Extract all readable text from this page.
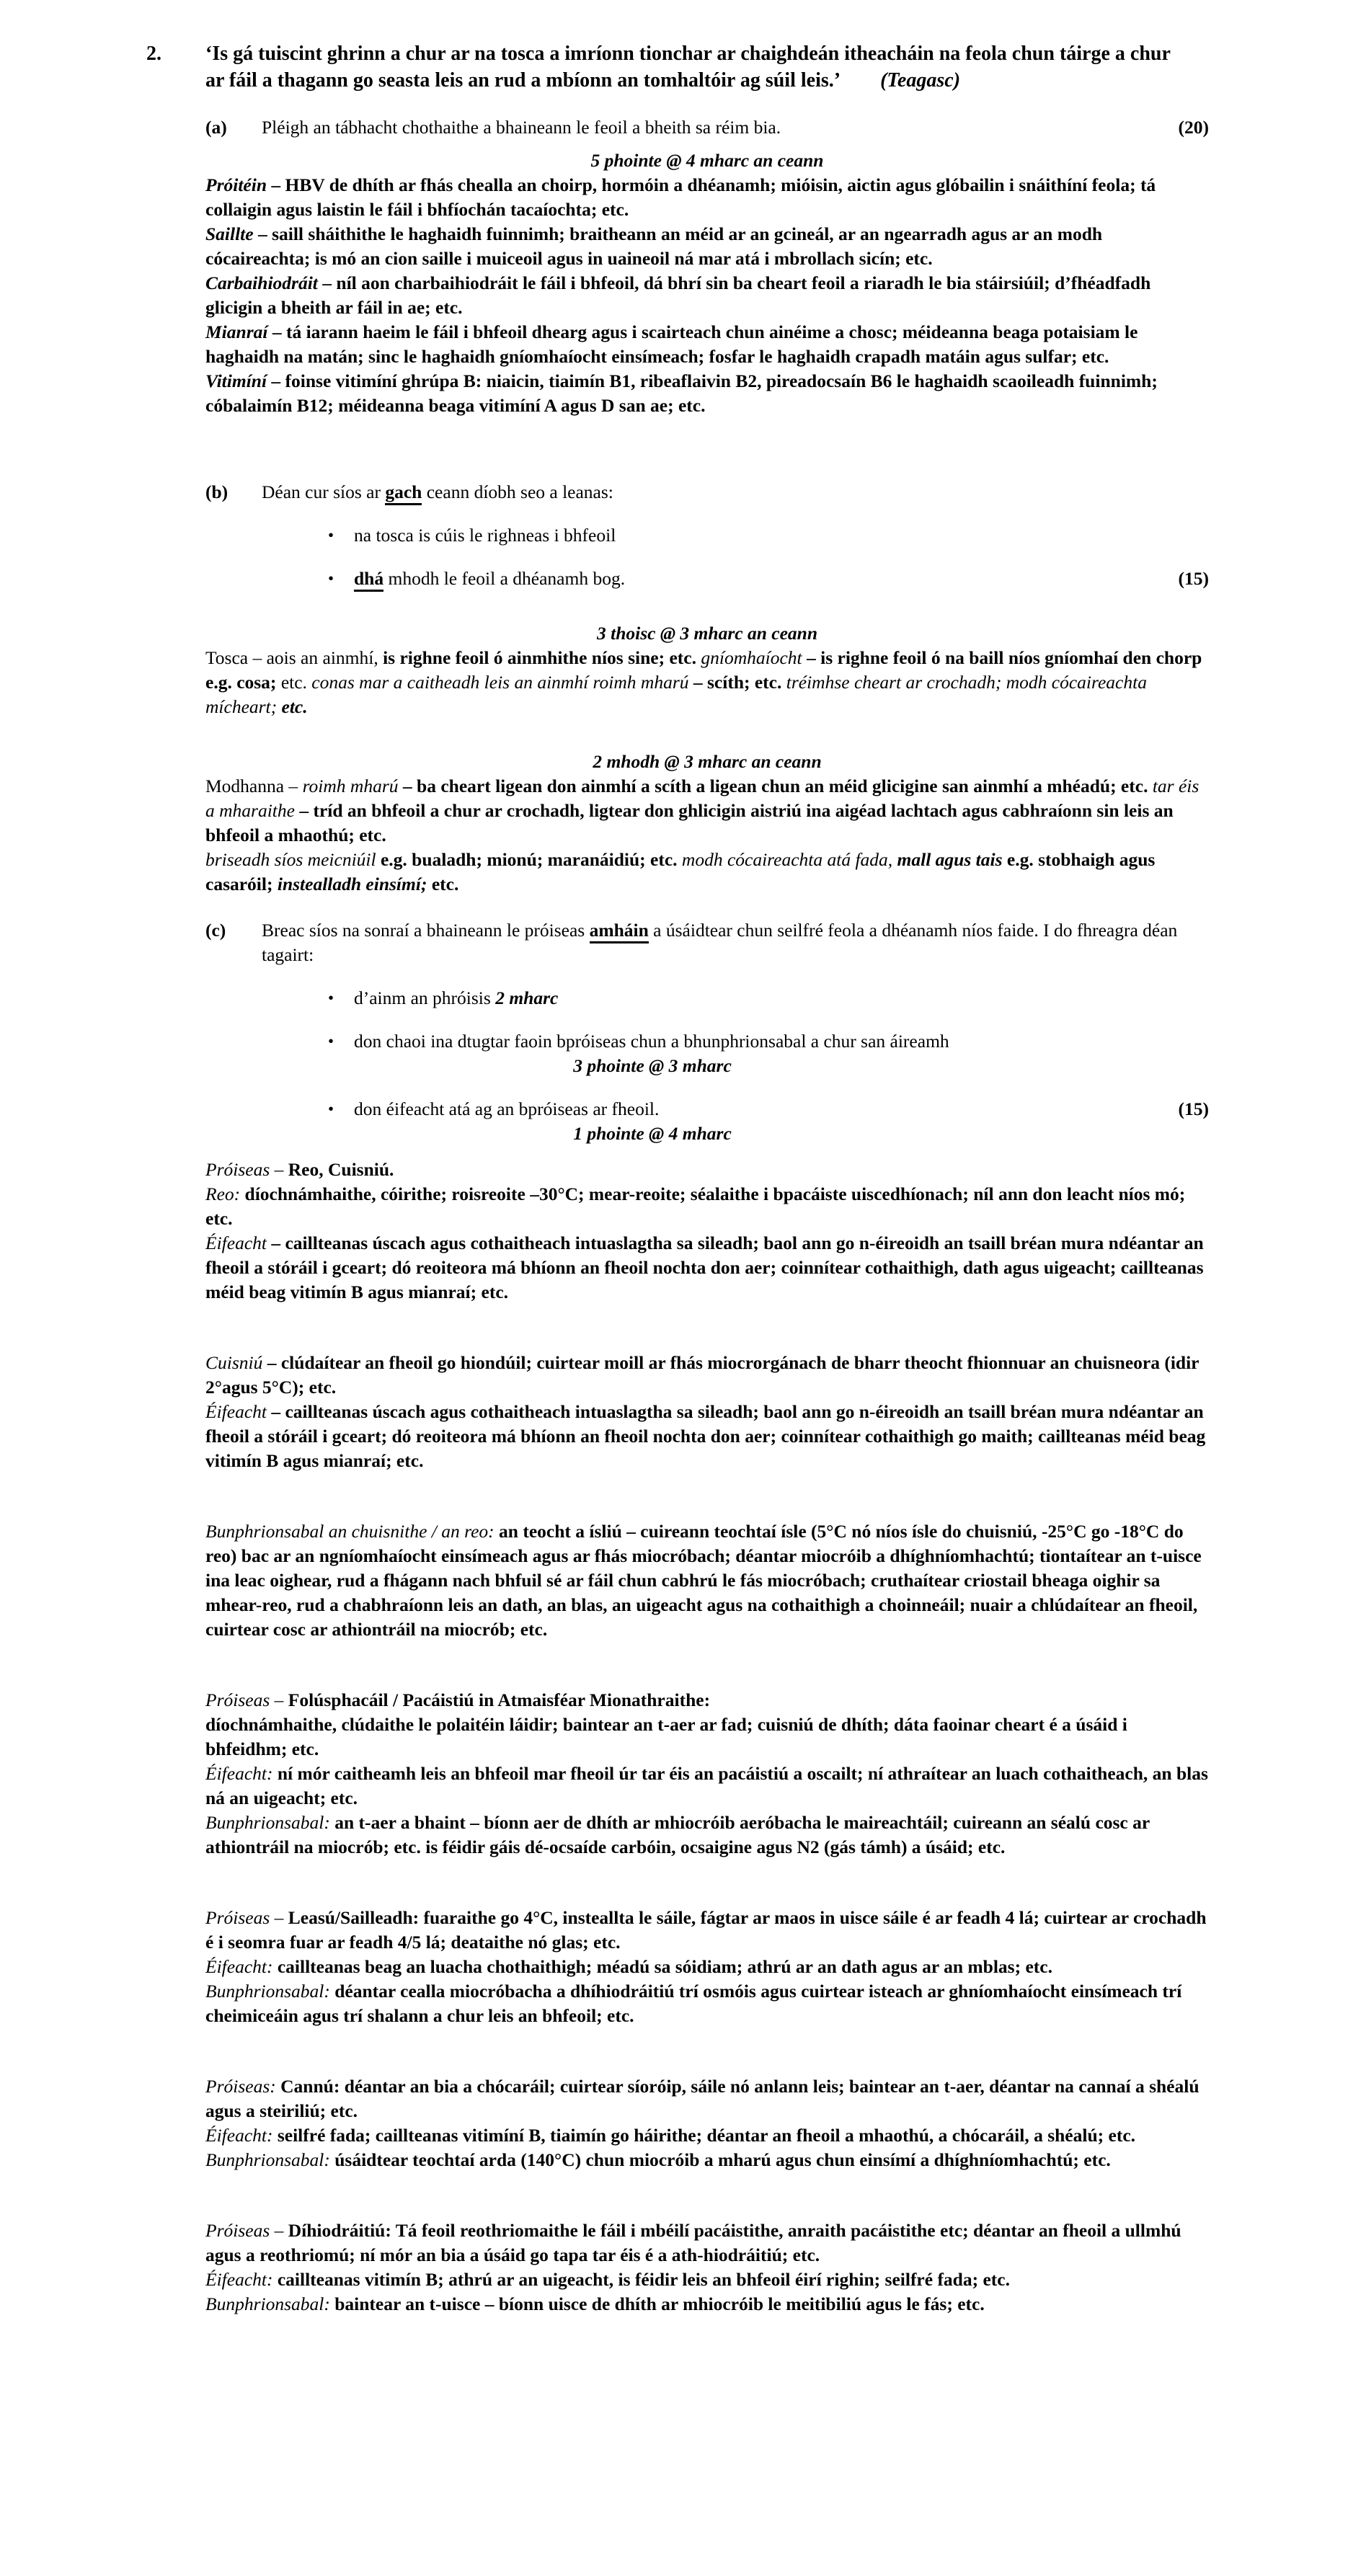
2.	‘Is gá tuiscint ghrinn a chur ar na tosca a imríonn tionchar ar chaighdeán itheacháin na feola chun táirge a chur ar fáil a thagann go seasta leis an rud a mbíonn an tomhaltóir ag súil leis.’ (Teagasc)
(a)	Pléigh an tábhacht chothaithe a bhaineann le feoil a bheith sa réim bia.	(20)
5 phointe @ 4 mharc an ceann
Próitéin – HBV de dhíth ar fhás chealla an choirp, hormóin a dhéanamh; mióisin, aictin agus glóbailin i snáithíní feola; tá collaigin agus laistin le fáil i bhfíochán tacaíochta; etc.
Saillte – saill sháithithe le haghaidh fuinnimh; braitheann an méid ar an gcineál, ar an ngearradh agus ar an modh cócaireachta; is mó an cion saille i muiceoil agus in uaineoil ná mar atá i mbrollach sicín; etc.
Carbaihiodráit – níl aon charbaihiodráit le fáil i bhfeoil, dá bhrí sin ba cheart feoil a riaradh le bia stáirsiúil; d’fhéadfadh glicigin a bheith ar fáil in ae; etc.
Mianraí – tá iarann haeim le fáil i bhfeoil dhearg agus i scairteach chun ainéime a chosc; méideanna beaga potaisiam le haghaidh na matán; sinc le haghaidh gníomhaíocht einsímeach; fosfar le haghaidh crapadh matáin agus sulfar; etc.
Vitimíní – foinse vitimíní ghrúpa B: niaicin, tiaimín B1, ribeaflaivin B2, pireadocsaín B6 le haghaidh scaoileadh fuinnimh; cóbalaimín B12; méideanna beaga vitimíní A agus D san ae; etc.
(b)	Déan cur síos ar gach ceann díobh seo a leanas:
•	na tosca is cúis le righneas i bhfeoil
•	dhá mhodh le feoil a dhéanamh bog.	(15)
3 thoisc @ 3 mharc an ceann
Tosca – aois an ainmhí, is righne feoil ó ainmhithe níos sine; etc. gníomhaíocht – is righne feoil ó na baill níos gníomhaí den chorp e.g. cosa; etc. conas mar a caitheadh leis an ainmhí roimh mharú – scíth; etc. tréimhse cheart ar crochadh; modh cócaireachta mícheart; etc.
2 mhodh @ 3 mharc an ceann
Modhanna – roimh mharú – ba cheart ligean don ainmhí a scíth a ligean chun an méid glicigine san ainmhí a mhéadú; etc. tar éis a mharaithe – tríd an bhfeoil a chur ar crochadh, ligtear don ghlicigin aistriú ina aigéad lachtach agus cabhraíonn sin leis an bhfeoil a mhaothú; etc.
briseadh síos meicniúil e.g. bualadh; mionú; maranáidiú; etc. modh cócaireachta atá fada, mall agus tais e.g. stobhaigh agus casaróil; instealladh einsímí; etc.
(c)	Breac síos na sonraí a bhaineann le próiseas amháin a úsáidtear chun seilfré feola a dhéanamh níos faide. I do fhreagra déan tagairt:
•	d’ainm an phróisis 2 mharc
•	don chaoi ina dtugtar faoin bpróiseas chun a bhunphrionsabal a chur san áireamh
3 phointe @ 3 mharc
•	don éifeacht atá ag an bpróiseas ar fheoil.	(15)
1 phointe @ 4 mharc
Próiseas – Reo, Cuisniú.
Reo: díochnámhaithe, cóirithe; roisreoite –30°C; mear-reoite; séalaithe i bpacáiste uiscedhíonach; níl ann don leacht níos mó; etc.
Éifeacht – caillteanas úscach agus cothaitheach intuaslagtha sa sileadh; baol ann go n-éireoidh an tsaill bréan mura ndéantar an fheoil a stóráil i gceart; dó reoiteora má bhíonn an fheoil nochta don aer; coinnítear cothaithigh, dath agus uigeacht; caillteanas méid beag vitimín B agus mianraí; etc.
Cuisniú – clúdaítear an fheoil go hiondúil; cuirtear moill ar fhás miocrorgánach de bharr theocht fhionnuar an chuisneora (idir 2°agus 5°C); etc.
Éifeacht – caillteanas úscach agus cothaitheach intuaslagtha sa sileadh; baol ann go n-éireoidh an tsaill bréan mura ndéantar an fheoil a stóráil i gceart; dó reoiteora má bhíonn an fheoil nochta don aer; coinnítear cothaithigh go maith; caillteanas méid beag vitimín B agus mianraí; etc.
Bunphrionsabal an chuisnithe / an reo: an teocht a ísliú – cuireann teochtaí ísle (5°C nó níos ísle do chuisniú, -25°C go -18°C do reo) bac ar an ngníomhaíocht einsímeach agus ar fhás miocróbach; déantar miocróib a dhíghníomhachtú; tiontaítear an t-uisce ina leac oighear, rud a fhágann nach bhfuil sé ar fáil chun cabhrú le fás miocróbach; cruthaítear criostail bheaga oighir sa mhear-reo, rud a chabhraíonn leis an dath, an blas, an uigeacht agus na cothaithigh a choinneáil; nuair a chlúdaítear an fheoil, cuirtear cosc ar athiontráil na miocrób; etc.
Próiseas – Folúsphacáil / Pacáistiú in Atmaisféar Mionathraithe:
díochnámhaithe, clúdaithe le polaitéin láidir; baintear an t-aer ar fad; cuisniú de dhíth; dáta faoinar cheart é a úsáid i bhfeidhm; etc.
Éifeacht: ní mór caitheamh leis an bhfeoil mar fheoil úr tar éis an pacáistiú a oscailt; ní athraítear an luach cothaitheach, an blas ná an uigeacht; etc.
Bunphrionsabal: an t-aer a bhaint – bíonn aer de dhíth ar mhiocróib aeróbacha le maireachtáil; cuireann an séalú cosc ar athiontráil na miocrób; etc. is féidir gáis dé-ocsaíde carbóin, ocsaigine agus N2 (gás támh) a úsáid; etc.
Próiseas – Leasú/Sailleadh: fuaraithe go 4°C, insteallta le sáile, fágtar ar maos in uisce sáile é ar feadh 4 lá; cuirtear ar crochadh é i seomra fuar ar feadh 4/5 lá; deataithe nó glas; etc.
Éifeacht: caillteanas beag an luacha chothaithigh; méadú sa sóidiam; athrú ar an dath agus ar an mblas; etc.
Bunphrionsabal: déantar cealla miocróbacha a dhíhiodráitiú trí osmóis agus cuirtear isteach ar ghníomhaíocht einsímeach trí cheimiceáin agus trí shalann a chur leis an bhfeoil; etc.
Próiseas: Cannú: déantar an bia a chócaráil; cuirtear síoróip, sáile nó anlann leis; baintear an t-aer, déantar na cannaí a shéalú agus a steiriliú; etc.
Éifeacht: seilfré fada; caillteanas vitimíní B, tiaimín go háirithe; déantar an fheoil a mhaothú, a chócaráil, a shéalú; etc.
Bunphrionsabal: úsáidtear teochtaí arda (140°C) chun miocróib a mharú agus chun einsímí a dhíghníomhachtú; etc.
Próiseas – Díhiodráitiú: Tá feoil reothriomaithe le fáil i mbéilí pacáistithe, anraith pacáistithe etc; déantar an fheoil a ullmhú agus a reothriomú; ní mór an bia a úsáid go tapa tar éis é a ath-hiodráitiú; etc.
Éifeacht: caillteanas vitimín B; athrú ar an uigeacht, is féidir leis an bhfeoil éirí righin; seilfré fada; etc.
Bunphrionsabal: baintear an t-uisce – bíonn uisce de dhíth ar mhiocróib le meitibiliú agus le fás; etc.
